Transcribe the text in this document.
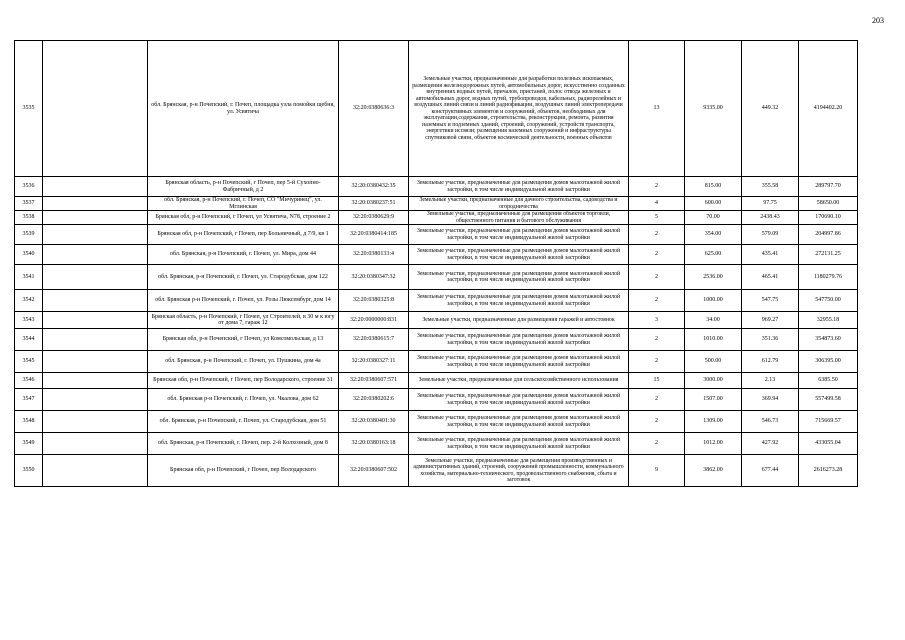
203
3535		обл. Брянская, р-н Почепский, г. Почеп, площадка узла помойки щебня, ул. Усвятича	32:20:0380636:3	Земельные участки, предназначенные для разработки полезных ископаемых, размещения железнодорожных путей, автомобильных дорог, искусственно созданных внутренних водных путей, причалов, пристаней, полос отвода железных и автомобильных дорог, водных путей, трубопроводов, кабельных, радиорелейных и воздушных линий связи и линий радиофикации, воздушных линий электропередачи конструктивных элементов и сооружений, объектов, необходимых для эксплуатации,содержания, строительства, реконструкции, ремонта, развития наземных и подземных зданий, строений, сооружений, устройств транспорта, энергетики иссвязи; размещения наземных сооружений и инфраструктуры спутниковой связи, объектов космической деятельности, военных объектов	13	9335.00	449.32	4194402.20
3536		Брянская область, р-н Почепский, г Почеп, пер 5-й Сухопно-Фабричный, д 2	32:20:0380432:35	Земельные участки, предназначенные для размещения домов малоэтажной жилой застройки, в том числе индивидуальной жилой застройки	2	815.00	355.58	289797.70
3537		обл. Брянская, р-н Почепский, г. Почеп, СО "Мичуринец", ул. Мглинская	32:20:0380237:51	Земельные участки, предназначенные для дачного строительства, садоводства и огородничества	4	600.00	97.75	58650.00
3538		Брянская обл, р-н Почепский, г Почеп, ул Усвятича, N78, строение 2	32:20:0380629:9	Земельные участки, предназначенные для размещения объектов торговли, общественного питания и бытового обслуживания	5	70.00	2438.43	170690.10
3539		Брянская обл, р-н Почепский, г Почеп, пер Больничный, д 7/9, кв 1	32:20:0380414:185	Земельные участки, предназначенные для размещения домов малоэтажной жилой застройки, в том числе индивидуальной жилой застройки	2	354.00	579.09	204997.86
3540		обл. Брянская, р-н Почепский, г. Почеп, ул. Мира, дом 44	32:20:0380133:4	Земельные участки, предназначенные для размещения домов малоэтажной жилой застройки, в том числе индивидуальной жилой застройки	2	625.00	435.41	272131.25
3541		обл. Брянская, р-н Почепский, г. Почеп, ул. Стародубская, дом 122	32:20:0380347:32	Земельные участки, предназначенные для размещения домов малоэтажной жилой застройки, в том числе индивидуальной жилой застройки	2	2536.00	465.41	1180279.76
3542		обл. Брянская р-н Почепский, г. Почеп, ул. Розы Люксембург, дом 14	32:20:0380325:8	Земельные участки, предназначенные для размещения домов малоэтажной жилой застройки, в том числе индивидуальной жилой застройки	2	1000.00	547.75	547750.00
3543		Брянская область, р-н Почепский, г Почеп, ул Строителей, в 30 м к югу от дома 7, гараж 12	32:20:0000000:831	Земельные участки, предназначенные для размещения гаражей и автостоянок	3	34.00	969.27	32955.18
3544		Брянская обл, р-н Почепский, г Почеп, ул Комсомольская, д 13	32:20:0380615:7	Земельные участки, предназначенные для размещения домов малоэтажной жилой застройки, в том числе индивидуальной жилой застройки	2	1010.00	351.36	354873.60
3545		обл. Брянская, р-н Почепский, г. Почеп, ул. Пушкина, дом 4а	32:20:0380327:11	Земельные участки, предназначенные для размещения домов малоэтажной жилой застройки, в том числе индивидуальной жилой застройки	2	500.00	612.79	306395.00
3546		Брянская обл, р-н Почепский, г Почеп, пер Володарского, строение 31	32:20:0380607:571	Земельные участки, предназначенные для сельскохозяйственного использования	15	3000.00	2.13	6385.50
3547		обл. Брянская р-н Почепский, г. Почеп, ул. Чкалова, дом 62	32:20:0380202:6	Земельные участки, предназначенные для размещения домов малоэтажной жилой застройки, в том числе индивидуальной жилой застройки	2	1507.00	369.94	557499.58
3548		обл. Брянская, р-н Почепский, г. Почеп, ул. Стародубская, дом 51	32:20:0380401:30	Земельные участки, предназначенные для размещения домов малоэтажной жилой застройки, в том числе индивидуальной жилой застройки	2	1309.00	546.73	715669.57
3549		обл. Брянская, р-н Почепский, г. Почеп, пер. 2-й Колхозный, дом 8	32:20:0380163:18	Земельные участки, предназначенные для размещения домов малоэтажной жилой застройки, в том числе индивидуальной жилой застройки	2	1012.00	427.92	433055.04
3550		Брянская обл, р-н Почепский, г Почеп, пер Володарского	32:20:0380607:502	Земельные участки, предназначенные для размещения производственных и административных зданий, строений, сооружений промышленности, коммунального хозяйства, материально-технического, продовольственного снабжения, сбыта и заготовок	9	3862.00	677.44	2616273.28
